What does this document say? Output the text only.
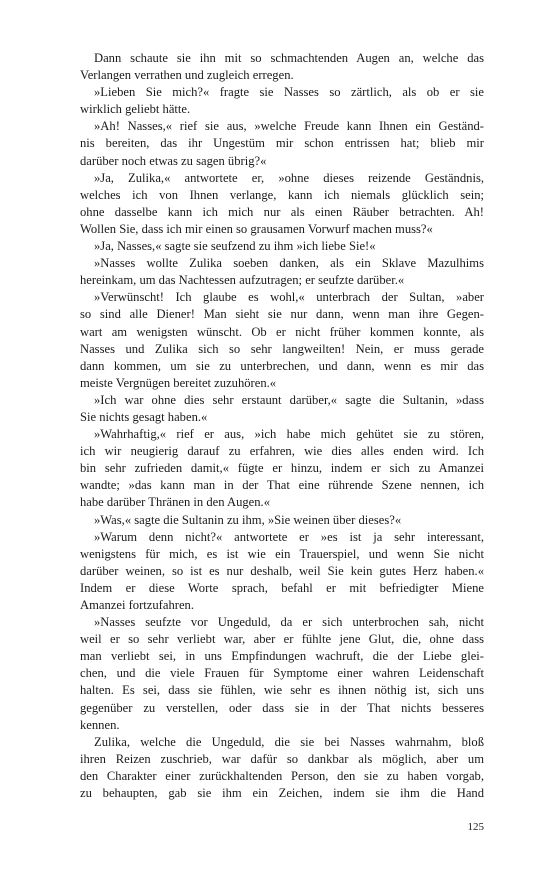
Dann schaute sie ihn mit so schmachtenden Augen an, welche das
Verlangen verrathen und zugleich erregen.
»Lieben Sie mich?« fragte sie Nasses so zärtlich, als ob er sie
wirklich geliebt hätte.
»Ah! Nasses,« rief sie aus, »welche Freude kann Ihnen ein Geständ-
nis bereiten, das ihr Ungestüm mir schon entrissen hat; blieb mir
darüber noch etwas zu sagen übrig?«
»Ja, Zulika,« antwortete er, »ohne dieses reizende Geständnis,
welches ich von Ihnen verlange, kann ich niemals glücklich sein;
ohne dasselbe kann ich mich nur als einen Räuber betrachten. Ah!
Wollen Sie, dass ich mir einen so grausamen Vorwurf machen muss?«
»Ja, Nasses,« sagte sie seufzend zu ihm »ich liebe Sie!«
»Nasses wollte Zulika soeben danken, als ein Sklave Mazulhims
hereinkam, um das Nachtessen aufzutragen; er seufzte darüber.«
»Verwünscht! Ich glaube es wohl,« unterbrach der Sultan, »aber
so sind alle Diener! Man sieht sie nur dann, wenn man ihre Gegen-
wart am wenigsten wünscht. Ob er nicht früher kommen konnte, als
Nasses und Zulika sich so sehr langweilten! Nein, er muss gerade
dann kommen, um sie zu unterbrechen, und dann, wenn es mir das
meiste Vergnügen bereitet zuzuhören.«
»Ich war ohne dies sehr erstaunt darüber,« sagte die Sultanin, »dass
Sie nichts gesagt haben.«
»Wahrhaftig,« rief er aus, »ich habe mich gehütet sie zu stören,
ich wir neugierig darauf zu erfahren, wie dies alles enden wird. Ich
bin sehr zufrieden damit,« fügte er hinzu, indem er sich zu Amanzei
wandte; »das kann man in der That eine rührende Szene nennen, ich
habe darüber Thränen in den Augen.«
»Was,« sagte die Sultanin zu ihm, »Sie weinen über dieses?«
»Warum denn nicht?« antwortete er »es ist ja sehr interessant,
wenigstens für mich, es ist wie ein Trauerspiel, und wenn Sie nicht
darüber weinen, so ist es nur deshalb, weil Sie kein gutes Herz haben.«
Indem er diese Worte sprach, befahl er mit befriedigter Miene
Amanzei fortzufahren.
»Nasses seufzte vor Ungeduld, da er sich unterbrochen sah, nicht
weil er so sehr verliebt war, aber er fühlte jene Glut, die, ohne dass
man verliebt sei, in uns Empfindungen wachruft, die der Liebe glei-
chen, und die viele Frauen für Symptome einer wahren Leidenschaft
halten. Es sei, dass sie fühlen, wie sehr es ihnen nöthig ist, sich uns
gegenüber zu verstellen, oder dass sie in der That nichts besseres
kennen.
Zulika, welche die Ungeduld, die sie bei Nasses wahrnahm, bloß
ihren Reizen zuschrieb, war dafür so dankbar als möglich, aber um
den Charakter einer zurückhaltenden Person, den sie zu haben vorgab,
zu behaupten, gab sie ihm ein Zeichen, indem sie ihm die Hand
125
